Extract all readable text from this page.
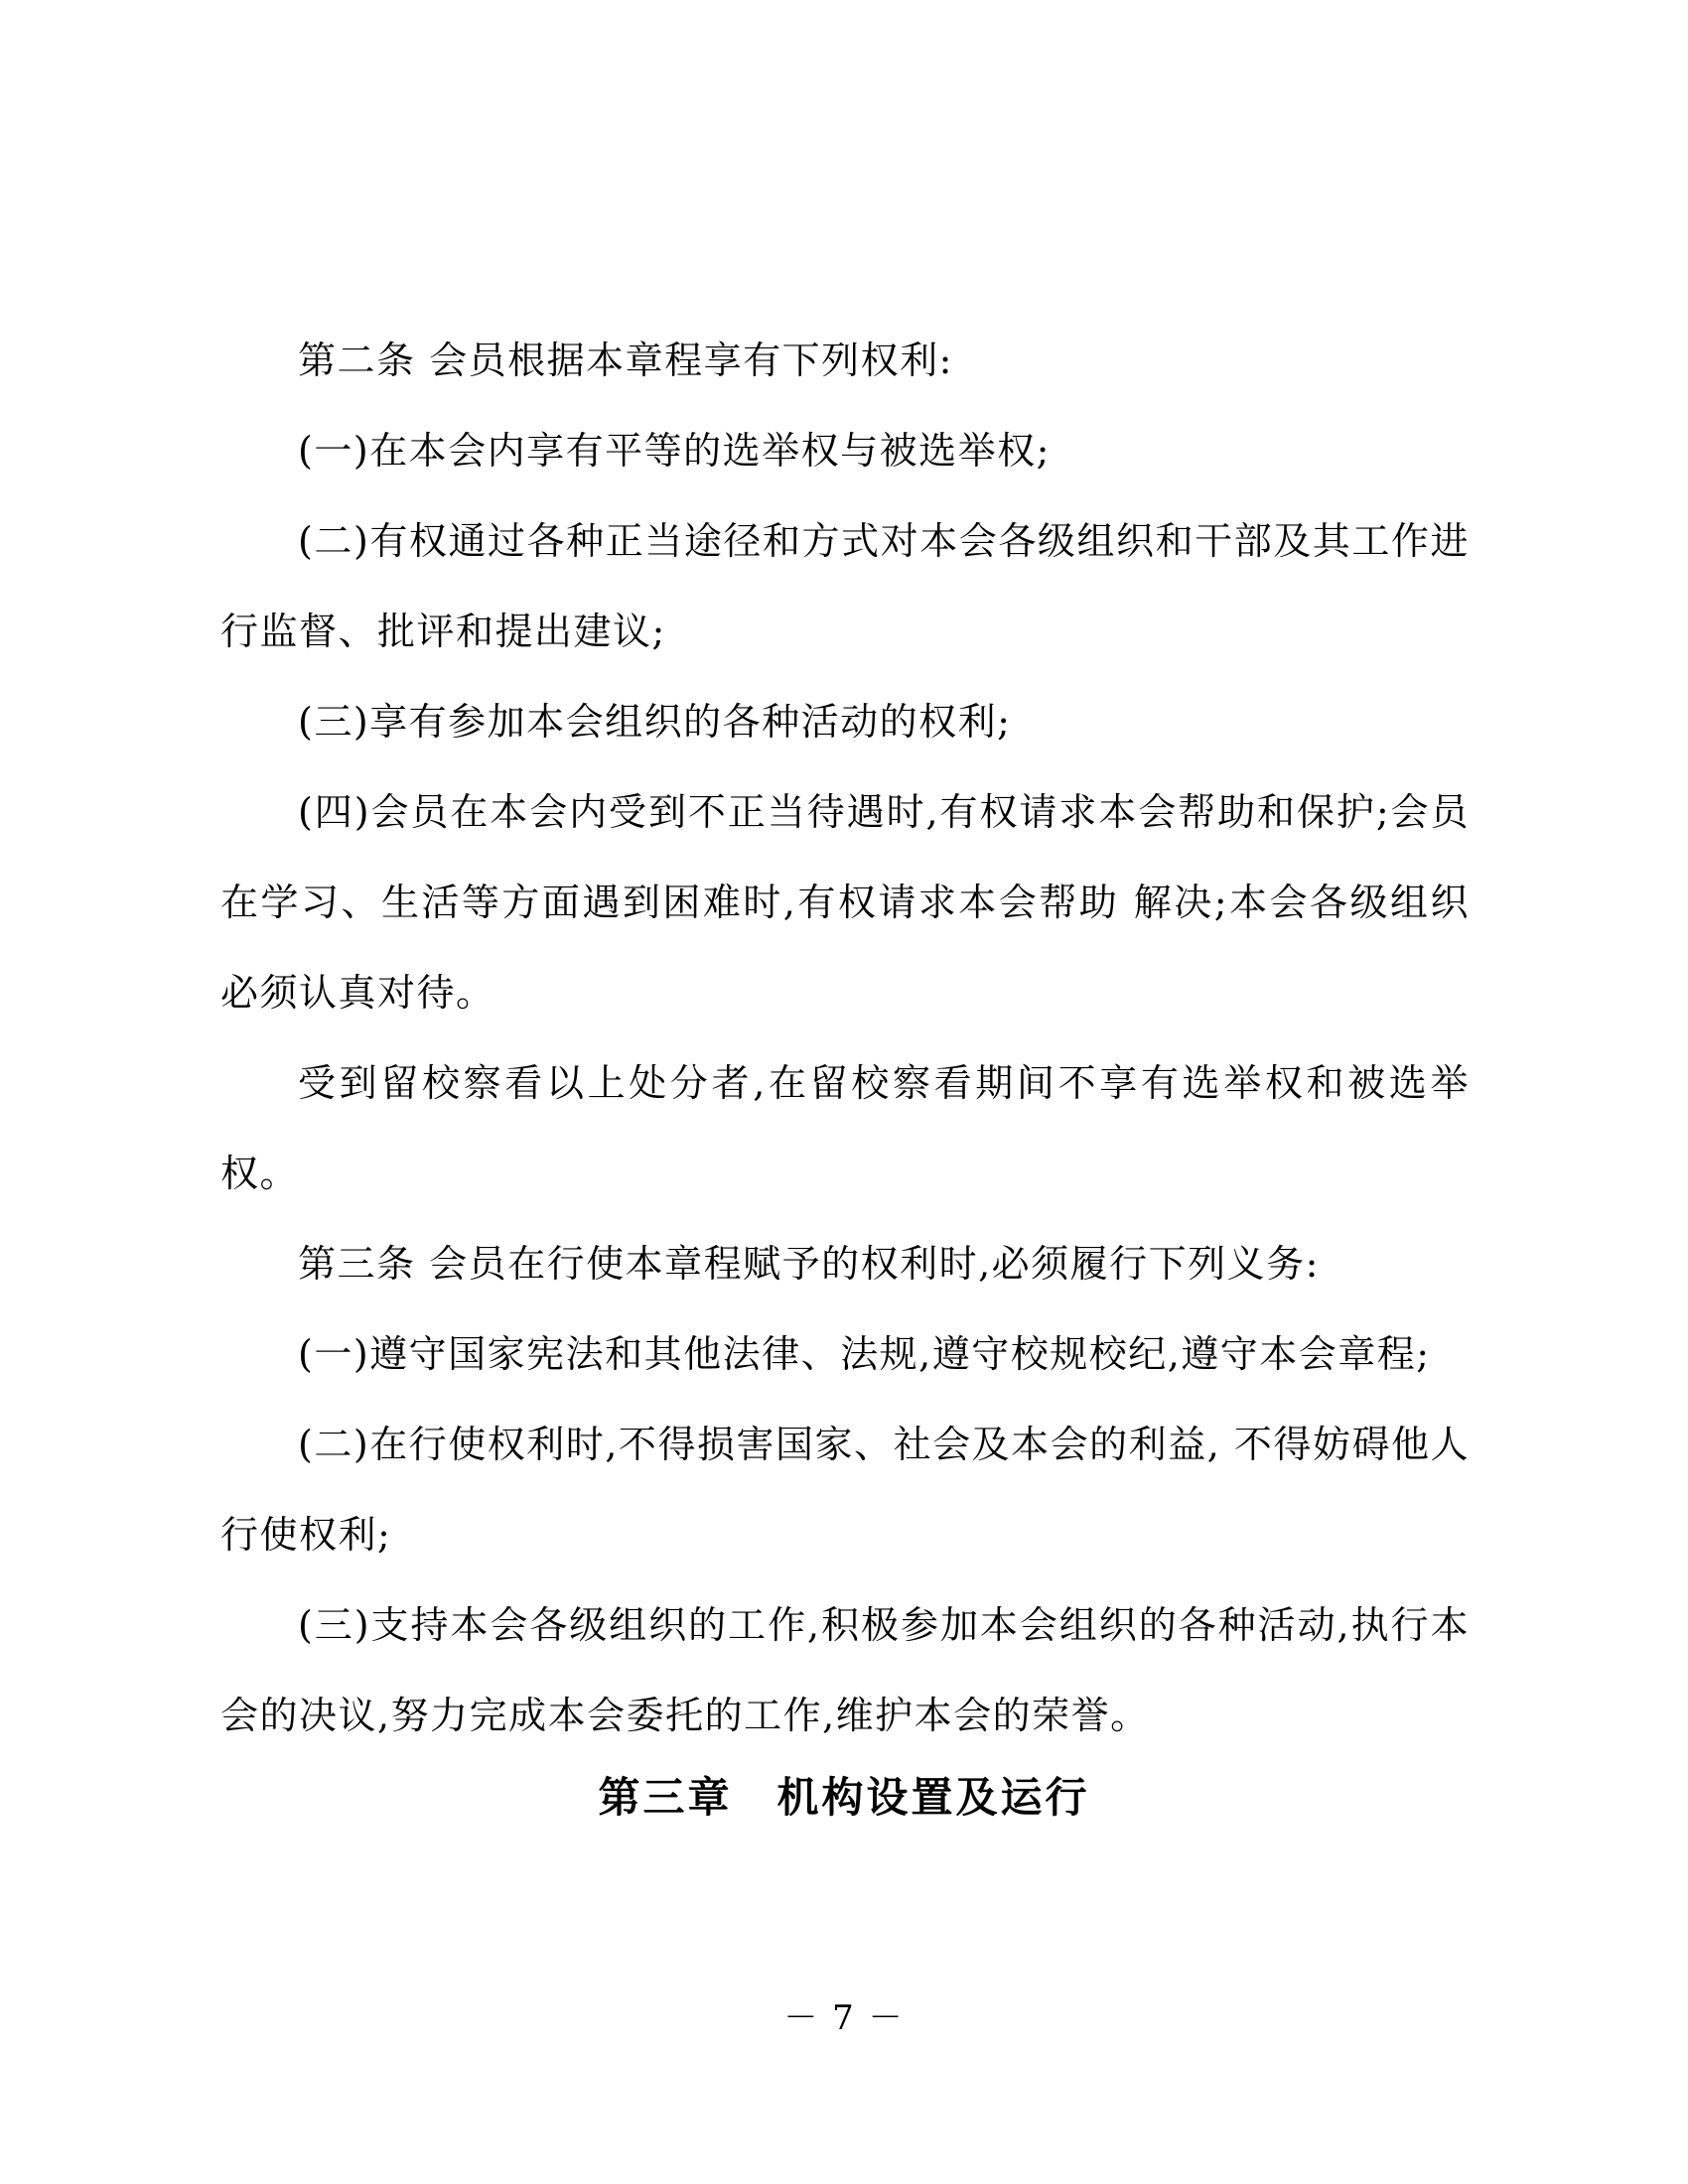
第二条 会员根据本章程享有下列权利:

(一)在本会内享有平等的选举权与被选举权;

(二)有权通过各种正当途径和方式对本会各级组织和干部及其工作进行监督、批评和提出建议;

(三)享有参加本会组织的各种活动的权利;

(四)会员在本会内受到不正当待遇时,有权请求本会帮助和保护;会员在学习、生活等方面遇到困难时,有权请求本会帮助 解决;本会各级组织必须认真对待。

受到留校察看以上处分者,在留校察看期间不享有选举权和被选举权。

第三条 会员在行使本章程赋予的权利时,必须履行下列义务:

(一)遵守国家宪法和其他法律、法规,遵守校规校纪,遵守本会章程;

(二)在行使权利时,不得损害国家、社会及本会的利益, 不得妨碍他人行使权利;

(三)支持本会各级组织的工作,积极参加本会组织的各种活动,执行本会的决议,努力完成本会委托的工作,维护本会的荣誉。

第三章　机构设置及运行
－ 7 －
